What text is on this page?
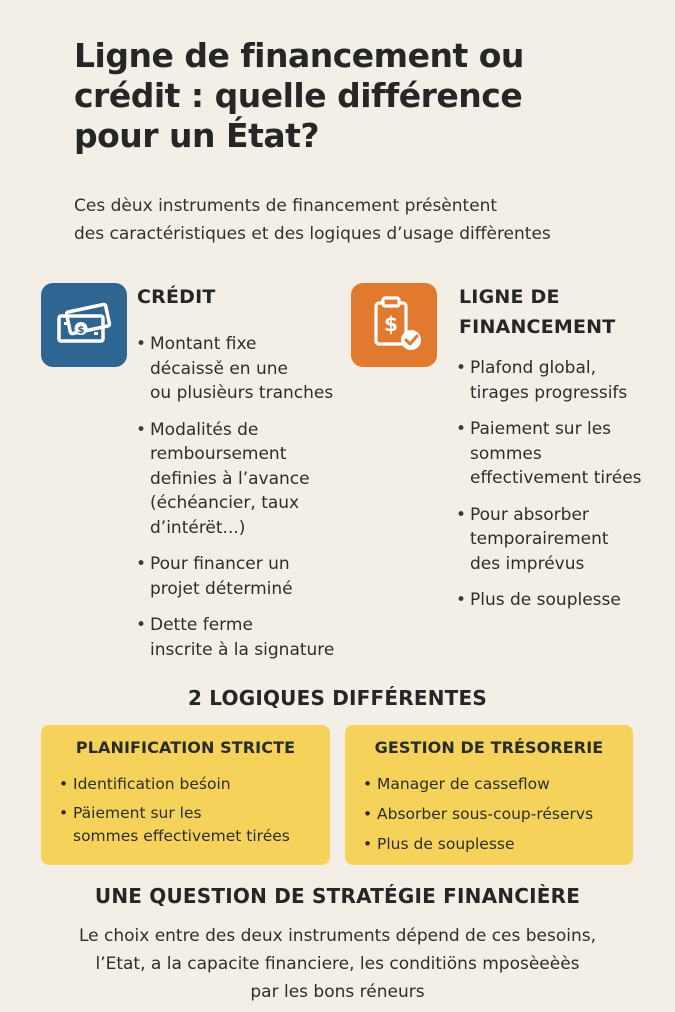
Ligne de financement ou
crédit : quelle différence
pour un État?
Ces dèux instruments de financement présèntent
des caractéristiques et des logiques d’usage diffèrentes
$
CRÉDIT
• Montant fixe
décaissě en une
ou plusièurs tranches
• Modalités de
remboursement
definies à l’avance
(échéancier, taux
d’intérët...)
• Pour financer un
projet déterminé
• Dette ferme
inscrite à la signature
$
LIGNE DE
FINANCEMENT
• Plafond global,
tirages progressifs
• Paiement sur les
sommes
effectivement tirées
• Pour absorber
temporairement
des imprévus
• Plus de souplesse
2 LOGIQUES DIFFÉRENTES
PLANIFICATION STRICTE
• Identification beśoin
• Päiement sur les
sommes effectivemet tirées
GESTION DE TRÉSORERIE
• Manager de casseflow
• Absorber sous-coup-réservs
• Plus de souplesse
UNE QUESTION DE STRATÉGIE FINANCIÈRE
Le choix entre des deux instruments dépend de ces besoins,
l’Etat, a la capacite financiere, les conditiöns mposèeèès
par les bons réneurs
